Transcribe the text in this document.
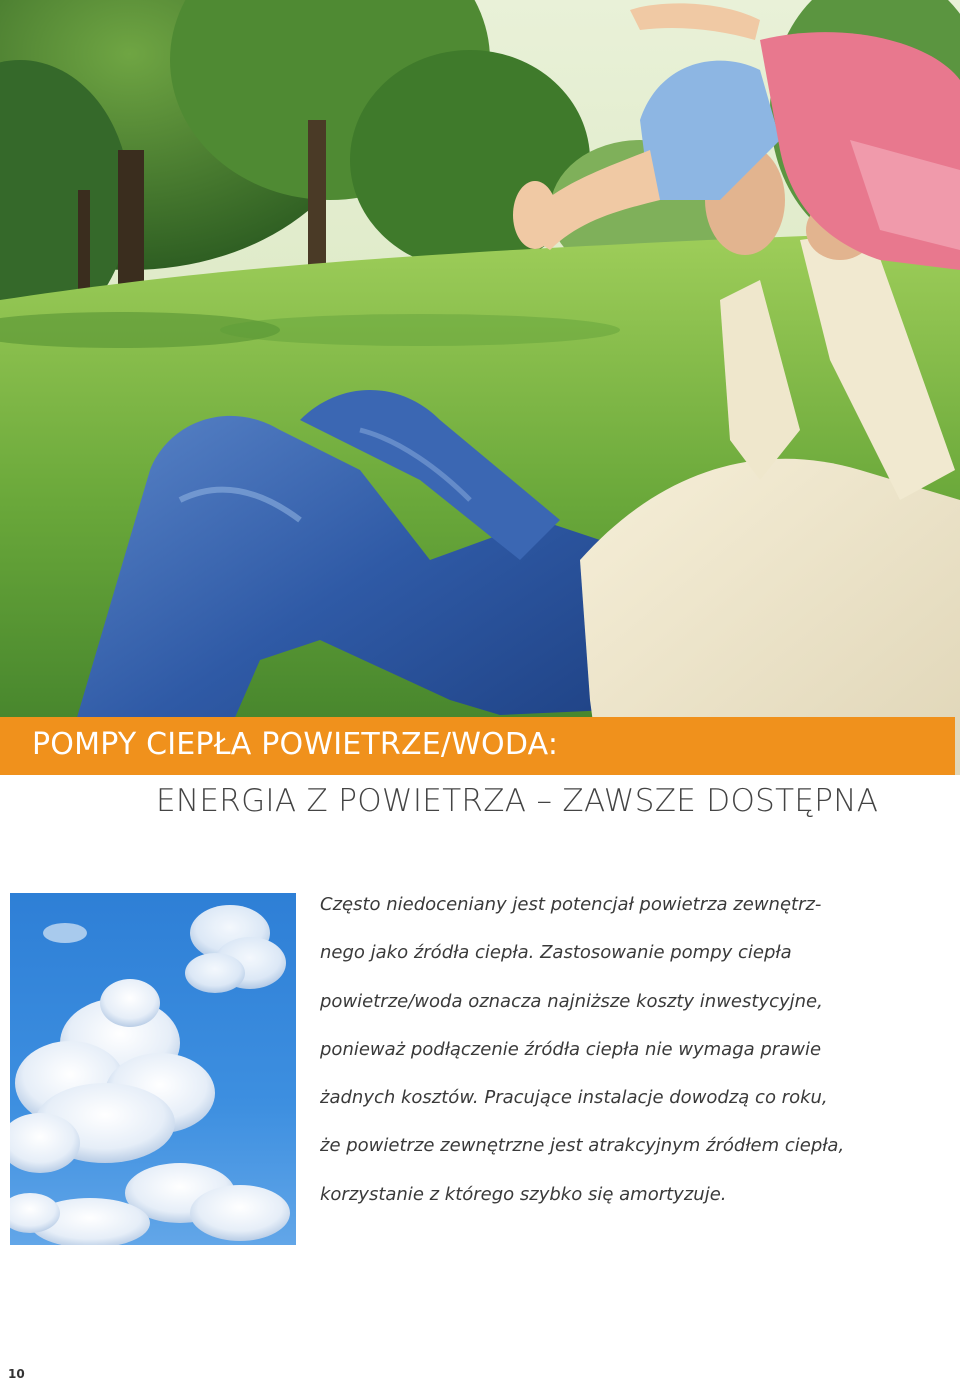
POMPY CIEPŁA POWIETRZE/WODA:
ENERGIA Z POWIETRZA – ZAWSZE DOSTĘPNA
Często niedoceniany jest potencjał powietrza zewnętrz-
nego jako źródła ciepła. Zastosowanie pompy ciepła
powietrze/woda oznacza najniższe koszty inwestycyjne,
ponieważ podłączenie źródła ciepła nie wymaga prawie
żadnych kosztów. Pracujące instalacje dowodzą co roku,
że powietrze zewnętrzne jest atrakcyjnym źródłem ciepła,
korzystanie z którego szybko się amortyzuje.
10
